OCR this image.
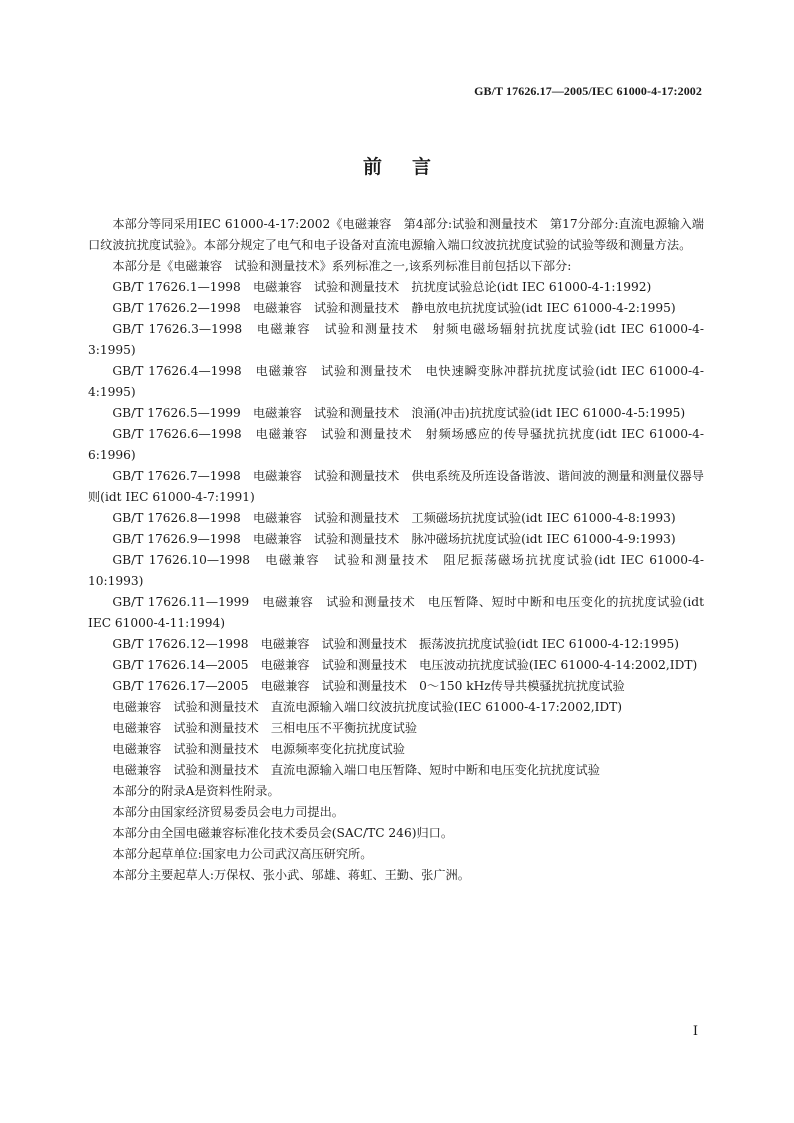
GB/T 17626.17—2005/IEC 61000-4-17:2002
前言

本部分等同采用IEC 61000-4-17:2002《电磁兼容　第4部分:试验和测量技术　第17分部分:直流电源输入端口纹波抗扰度试验》。本部分规定了电气和电子设备对直流电源输入端口纹波抗扰度试验的试验等级和测量方法。

本部分是《电磁兼容　试验和测量技术》系列标准之一,该系列标准目前包括以下部分:

GB/T 17626.1—1998　电磁兼容　试验和测量技术　抗扰度试验总论(idt IEC 61000-4-1:1992)

GB/T 17626.2—1998　电磁兼容　试验和测量技术　静电放电抗扰度试验(idt IEC 61000-4-2:1995)

GB/T 17626.3—1998　电磁兼容　试验和测量技术　射频电磁场辐射抗扰度试验(idt IEC 61000-4-3:1995)

GB/T 17626.4—1998　电磁兼容　试验和测量技术　电快速瞬变脉冲群抗扰度试验(idt IEC 61000-4-4:1995)

GB/T 17626.5—1999　电磁兼容　试验和测量技术　浪涌(冲击)抗扰度试验(idt IEC 61000-4-5:1995)

GB/T 17626.6—1998　电磁兼容　试验和测量技术　射频场感应的传导骚扰抗扰度(idt IEC 61000-4-6:1996)

GB/T 17626.7—1998　电磁兼容　试验和测量技术　供电系统及所连设备谐波、谐间波的测量和测量仪器导则(idt IEC 61000-4-7:1991)

GB/T 17626.8—1998　电磁兼容　试验和测量技术　工频磁场抗扰度试验(idt IEC 61000-4-8:1993)

GB/T 17626.9—1998　电磁兼容　试验和测量技术　脉冲磁场抗扰度试验(idt IEC 61000-4-9:1993)

GB/T 17626.10—1998　电磁兼容　试验和测量技术　阻尼振荡磁场抗扰度试验(idt IEC 61000-4-10:1993)

GB/T 17626.11—1999　电磁兼容　试验和测量技术　电压暂降、短时中断和电压变化的抗扰度试验(idt IEC 61000-4-11:1994)

GB/T 17626.12—1998　电磁兼容　试验和测量技术　振荡波抗扰度试验(idt IEC 61000-4-12:1995)

GB/T 17626.14—2005　电磁兼容　试验和测量技术　电压波动抗扰度试验(IEC 61000-4-14:2002,IDT)

GB/T 17626.17—2005　电磁兼容　试验和测量技术　0～150 kHz传导共模骚扰抗扰度试验

电磁兼容　试验和测量技术　直流电源输入端口纹波抗扰度试验(IEC 61000-4-17:2002,IDT)

电磁兼容　试验和测量技术　三相电压不平衡抗扰度试验

电磁兼容　试验和测量技术　电源频率变化抗扰度试验

电磁兼容　试验和测量技术　直流电源输入端口电压暂降、短时中断和电压变化抗扰度试验

本部分的附录A是资料性附录。

本部分由国家经济贸易委员会电力司提出。

本部分由全国电磁兼容标准化技术委员会(SAC/TC 246)归口。

本部分起草单位:国家电力公司武汉高压研究所。

本部分主要起草人:万保权、张小武、邬雄、蒋虹、王勤、张广洲。

I
